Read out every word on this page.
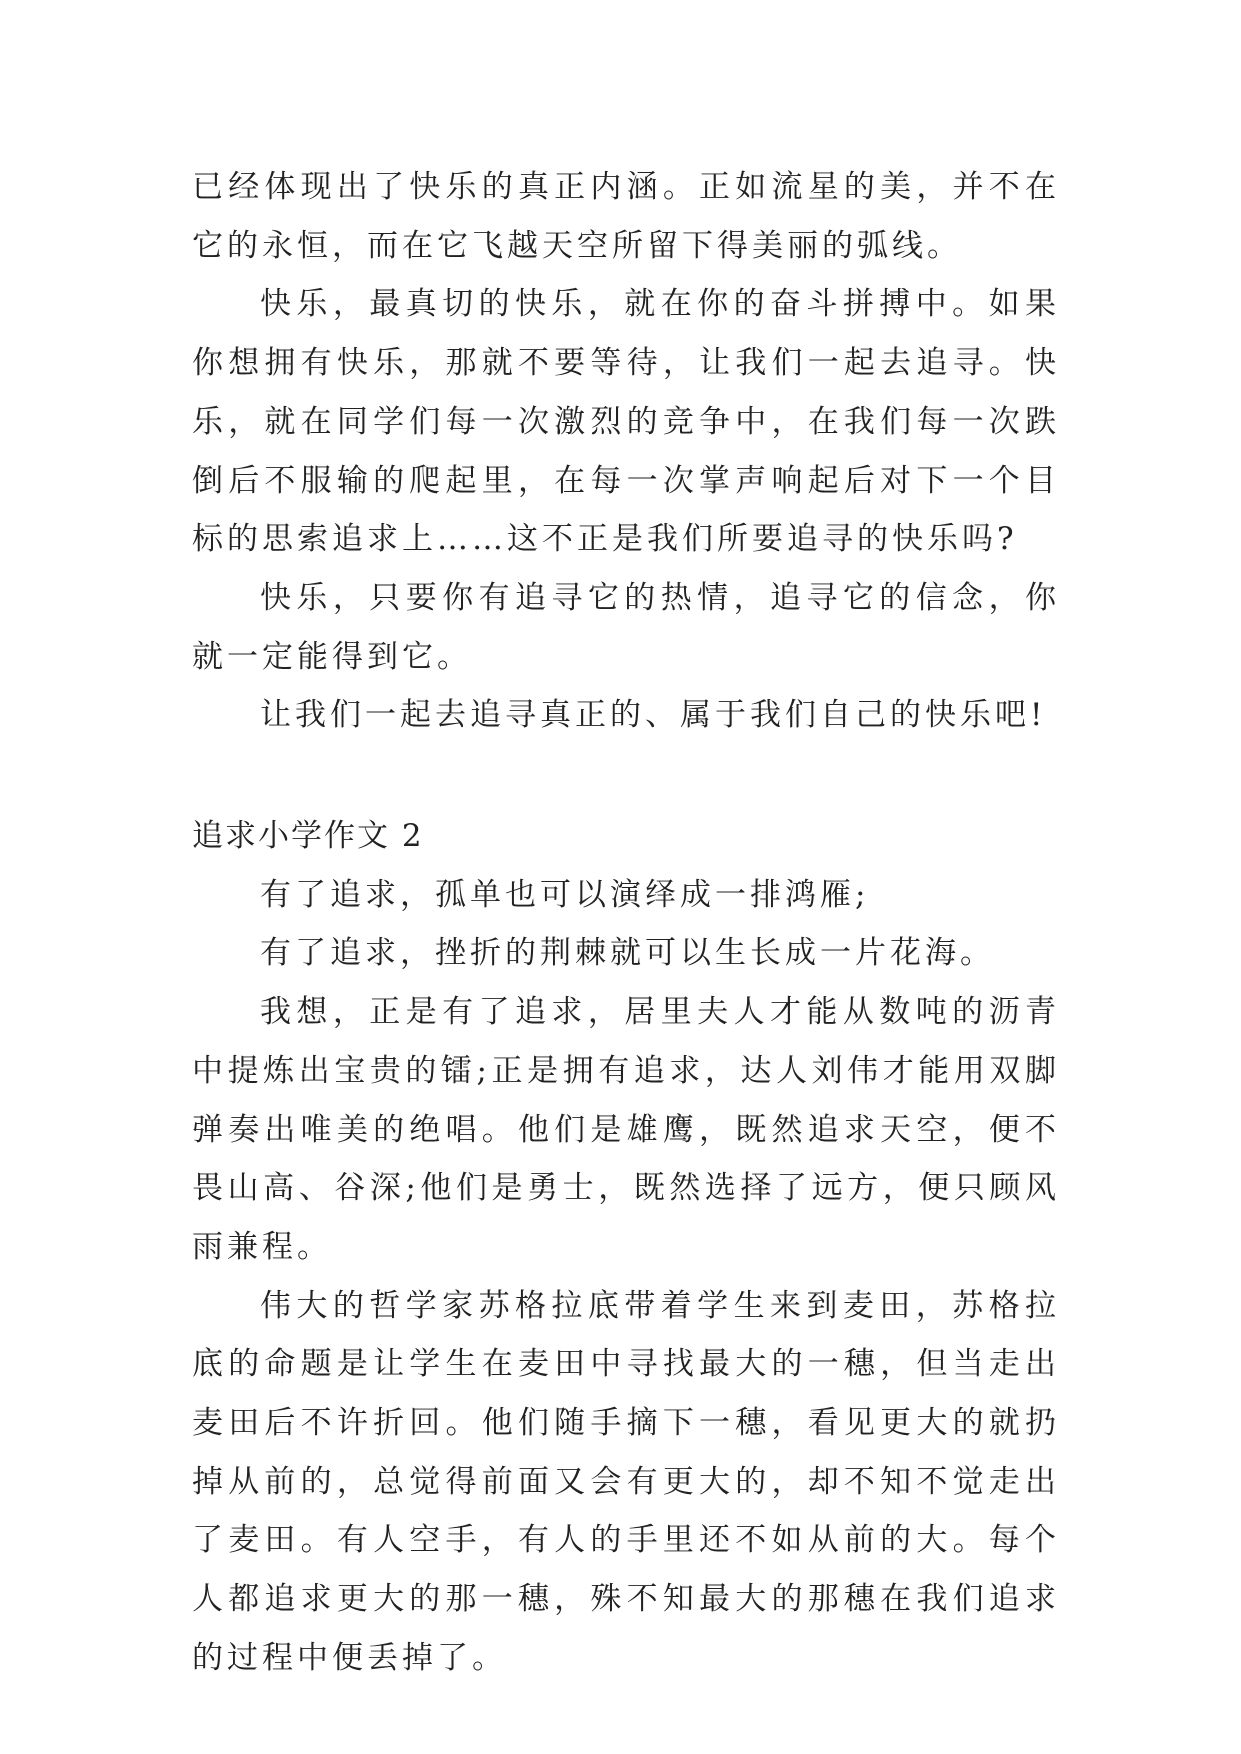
已经体现出了快乐的真正内涵。正如流星的美，并不在它的永恒，而在它飞越天空所留下得美丽的弧线。

快乐，最真切的快乐，就在你的奋斗拼搏中。如果你想拥有快乐，那就不要等待，让我们一起去追寻。快乐，就在同学们每一次激烈的竞争中，在我们每一次跌倒后不服输的爬起里，在每一次掌声响起后对下一个目标的思索追求上……这不正是我们所要追寻的快乐吗?

快乐，只要你有追寻它的热情，追寻它的信念，你就一定能得到它。

让我们一起去追寻真正的、属于我们自己的快乐吧!

追求小学作文 2

有了追求，孤单也可以演绎成一排鸿雁;

有了追求，挫折的荆棘就可以生长成一片花海。

我想，正是有了追求，居里夫人才能从数吨的沥青中提炼出宝贵的镭;正是拥有追求，达人刘伟才能用双脚弹奏出唯美的绝唱。他们是雄鹰，既然追求天空，便不畏山高、谷深;他们是勇士，既然选择了远方，便只顾风雨兼程。

伟大的哲学家苏格拉底带着学生来到麦田，苏格拉底的命题是让学生在麦田中寻找最大的一穗，但当走出麦田后不许折回。他们随手摘下一穗，看见更大的就扔掉从前的，总觉得前面又会有更大的，却不知不觉走出了麦田。有人空手，有人的手里还不如从前的大。每个人都追求更大的那一穗，殊不知最大的那穗在我们追求的过程中便丢掉了。
